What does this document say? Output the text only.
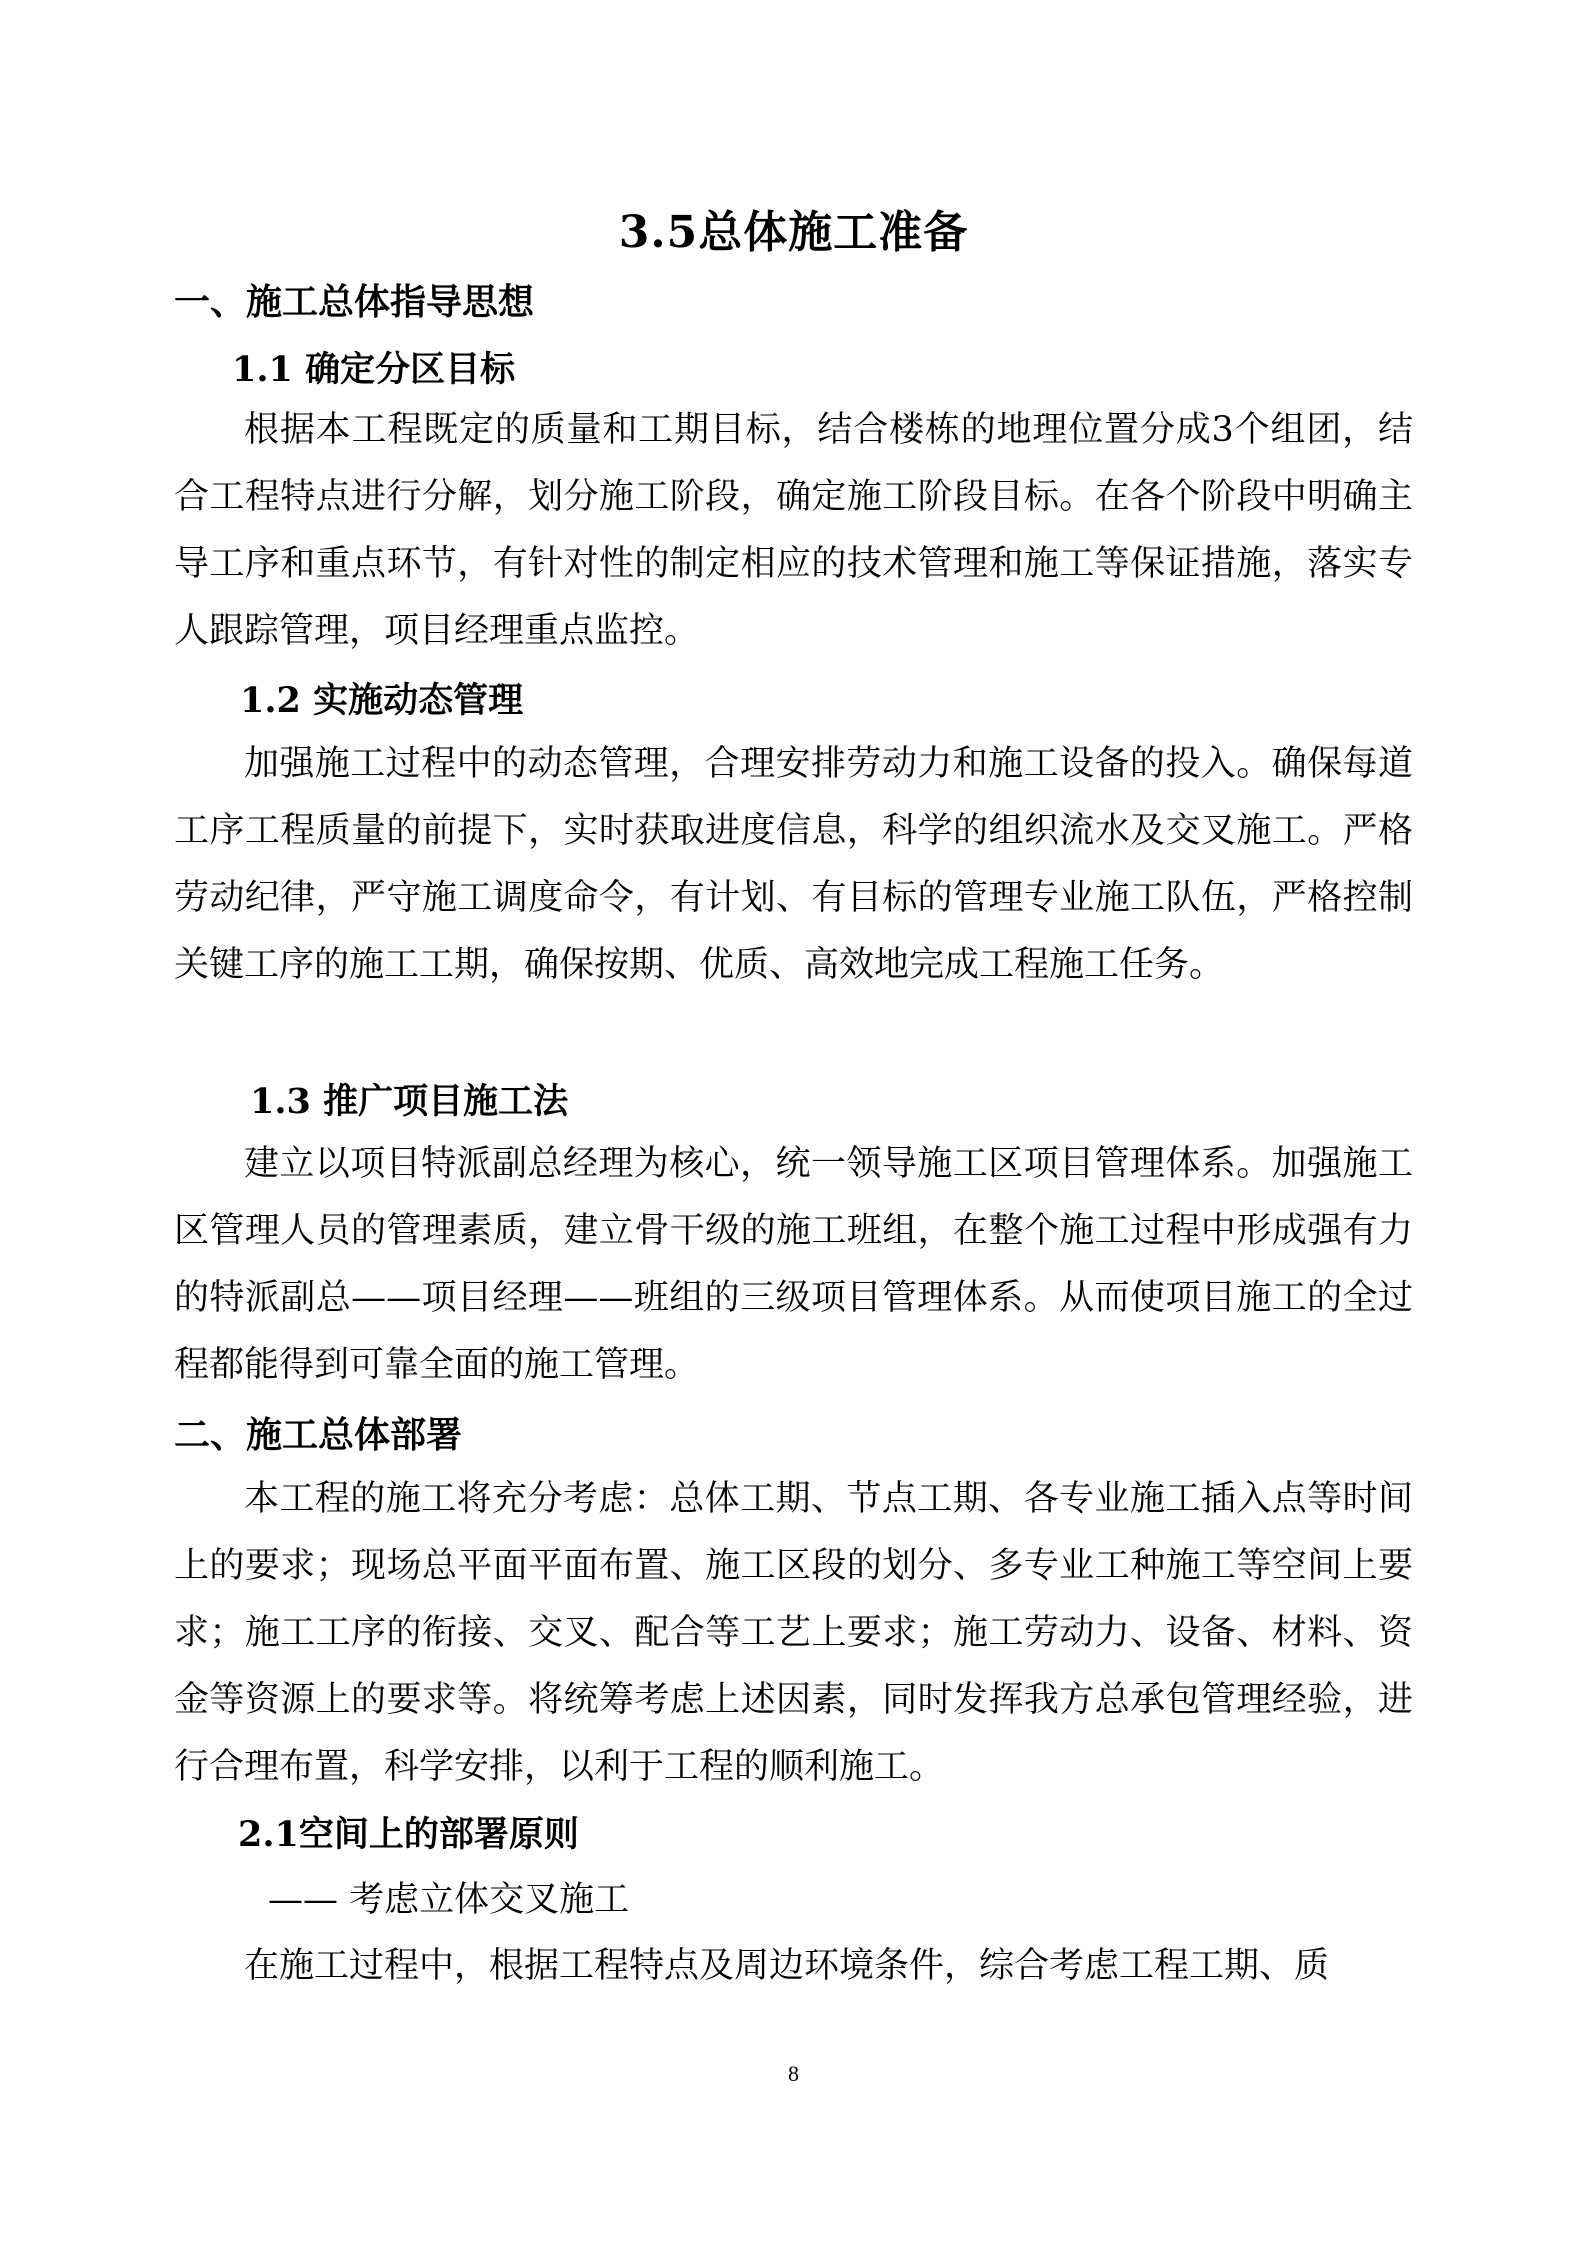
3.5总体施工准备
一、施工总体指导思想
1.1 确定分区目标

根据本工程既定的质量和工期目标，结合楼栋的地理位置分成3个组团，结合工程特点进行分解，划分施工阶段，确定施工阶段目标。在各个阶段中明确主导工序和重点环节，有针对性的制定相应的技术管理和施工等保证措施，落实专人跟踪管理，项目经理重点监控。

1.2 实施动态管理

加强施工过程中的动态管理，合理安排劳动力和施工设备的投入。确保每道工序工程质量的前提下，实时获取进度信息，科学的组织流水及交叉施工。严格劳动纪律，严守施工调度命令，有计划、有目标的管理专业施工队伍，严格控制关键工序的施工工期，确保按期、优质、高效地完成工程施工任务。

1.3 推广项目施工法

建立以项目特派副总经理为核心，统一领导施工区项目管理体系。加强施工区管理人员的管理素质，建立骨干级的施工班组，在整个施工过程中形成强有力的特派副总——项目经理——班组的三级项目管理体系。从而使项目施工的全过程都能得到可靠全面的施工管理。

二、施工总体部署

本工程的施工将充分考虑：总体工期、节点工期、各专业施工插入点等时间上的要求；现场总平面平面布置、施工区段的划分、多专业工种施工等空间上要求；施工工序的衔接、交叉、配合等工艺上要求；施工劳动力、设备、材料、资金等资源上的要求等。将统筹考虑上述因素，同时发挥我方总承包管理经验，进行合理布置，科学安排，以利于工程的顺利施工。

2.1空间上的部署原则
—— 考虑立体交叉施工

在施工过程中，根据工程特点及周边环境条件，综合考虑工程工期、质

8
